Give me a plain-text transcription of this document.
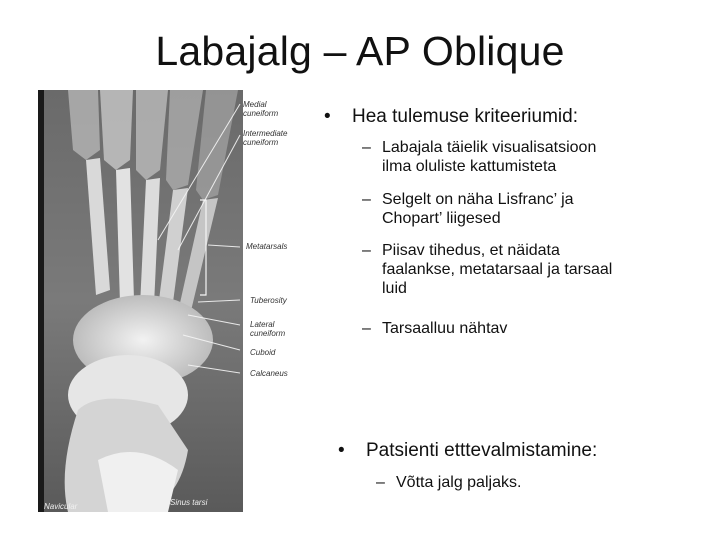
Labajalg – AP Oblique
Medial
cuneiform
Intermediate
cuneiform
Metatarsals
Tuberosity
Lateral
cuneiform
Cuboid
Calcaneus
Navicular	Talus	Sinus tarsi
• Hea tulemuse kriteeriumid:
– Labajala täielik visualisatsioon
ilma oluliste kattumisteta
– Selgelt on näha Lisfranc’ ja
Chopart’ liigesed
– Piisav tihedus, et näidata
faalankse, metatarsaal ja tarsaal
luid
– Tarsaalluu nähtav
• Patsienti etttevalmistamine:
– Võtta jalg paljaks.
